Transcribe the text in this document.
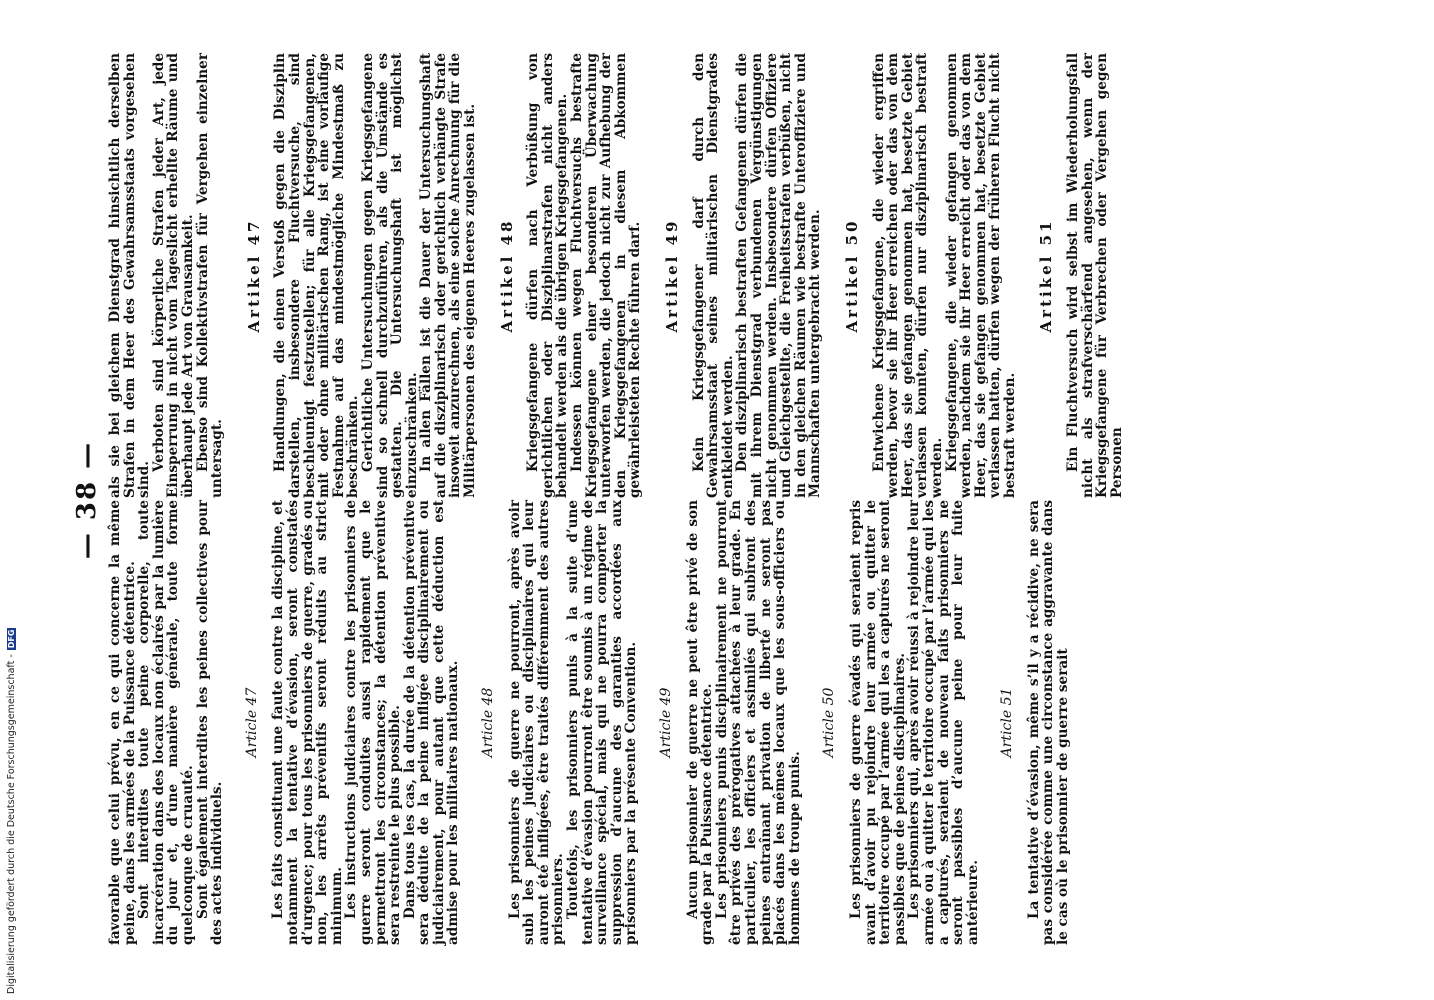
— 38 — favorable que celui prévu, en ce qui concerne la même peine, dans les armées de la Puissance détentrice.

Sont interdites toute peine corporelle, toute incarcération dans des locaux non éclairés par la lumière du jour et, d’une manière générale, toute forme quelconque de cruauté.

Sont également interdites les peines collectives pour des actes individuels.

Article 47 Les faits constituant une faute contre la discipline, et notamment la tentative d’évasion, seront constatés d’urgence; pour tous les prisonniers de guerre, gradés ou non, les arrêts préventifs seront réduits au strict minimum.

Les instructions judiciaires contre les prisonniers de guerre seront conduites aussi rapidement que le permettront les circonstances; la détention préventive sera restreinte le plus possible.

Dans tous les cas, la durée de la détention préventive sera déduite de la peine infligée disciplinairement ou judiciairement, pour autant que cette déduction est admise pour les militaires nationaux. Article 48 Les prisonniers de guerre ne pourront, après avoir subi les peines judiciaires ou disciplinaires qui leur auront été infligées, être traités différemment des autres prisonniers.

Toutefois, les prisonniers punis à la suite d’une tentative d’évasion pourront être soumis à un régime de surveillance spécial, mais qui ne pourra comporter la suppression d’aucune des garanties accordées aux prisonniers par la présente Convention. Article 49 Aucun prisonnier de guerre ne peut être privé de son grade par la Puissance détentrice.

Les prisonniers punis disciplinairement ne pourront être privés des prérogatives attachées à leur grade. En particulier, les officiers et assimilés qui subiront des peines entraînant privation de liberté ne seront pas placés dans les mêmes locaux que les sous-officiers ou hommes de troupe punis.

Article 50 Les prisonniers de guerre évadés qui seraient repris avant d’avoir pu rejoindre leur armée ou quitter le territoire occupé par l’armée qui les a capturés ne seront passibles que de peines disciplinaires.

Les prisonniers qui, après avoir réussi à rejoindre leur armée ou à quitter le territoire occupé par l’armée qui les a capturés, seraient de nouveau faits prisonniers ne seront passibles d’aucune peine pour leur fuite antérieure.

Article 51 La tentative d’évasion, même s’il y a récidive, ne sera pas considérée comme une circonstance aggravante dans le cas où le prisonnier de guerre serait

als sie bei gleichem Dienstgrad hinsichtlich derselben Strafen in dem Heer des Gewahrsamsstaats vorgesehen sind.

Verboten sind körperliche Strafen jeder Art, jede Einsperrung in nicht vom Tageslicht erhellte Räume und überhaupt jede Art von Grausamkeit.

Ebenso sind Kollektivstrafen für Vergehen einzelner untersagt.

Artikel 47 Handlungen, die einen Verstoß gegen die Disziplin darstellen, insbesondere Fluchtversuche, sind beschleunigt festzustellen; für alle Kriegsgefangenen, mit oder ohne militärischen Rang, ist eine vorläufige Festnahme auf das mindestmögliche Mindestmaß zu beschränken.

Gerichtliche Untersuchungen gegen Kriegsgefangene sind so schnell durchzuführen, als die Umstände es gestatten. Die Untersuchungshaft ist möglichst einzuschränken.

In allen Fällen ist die Dauer der Untersuchungshaft auf die disziplinarisch oder gerichtlich verhängte Strafe insoweit anzurechnen, als eine solche Anrechnung für die Militärpersonen des eigenen Heeres zugelassen ist. Artikel 48 Kriegsgefangene dürfen nach Verbüßung von gerichtlichen oder Disziplinarstrafen nicht anders behandelt werden als die übrigen Kriegsgefangenen.

Indessen können wegen Fluchtversuchs bestrafte Kriegsgefangene einer besonderen Überwachung unterworfen werden, die jedoch nicht zur Aufhebung der den Kriegsgefangenen in diesem Abkommen gewährleisteten Rechte führen darf. Artikel 49 Kein Kriegsgefangener darf durch den Gewahrsamsstaat seines militärischen Dienstgrades entkleidet werden.

Den disziplinarisch bestraften Gefangenen dürfen die mit ihrem Dienstgrad verbundenen Vergünstigungen nicht genommen werden. Insbesondere dürfen Offiziere und Gleichgestellte, die Freiheitsstrafen verbüßen, nicht in den gleichen Räumen wie bestrafte Unteroffiziere und Mannschaften untergebracht werden. Artikel 50 Entwichene Kriegsgefangene, die wieder ergriffen werden, bevor sie ihr Heer erreichen oder das von dem Heer, das sie gefangen genommen hat, besetzte Gebiet verlassen konnten, dürfen nur disziplinarisch bestraft werden.

Kriegsgefangene, die wieder gefangen genommen werden, nachdem sie ihr Heer erreicht oder das von dem Heer, das sie gefangen genommen hat, besetzte Gebiet verlassen hatten, dürfen wegen der früheren Flucht nicht bestraft werden.

Artikel 51 Ein Fluchtversuch wird selbst im Wiederholungsfall nicht als strafverschärfend angesehen, wenn der Kriegsgefangene für Verbrechen oder Vergehen gegen Personen

Digitalisierung gefördert durch die Deutsche Forschungsgemeinschaft -DFG
